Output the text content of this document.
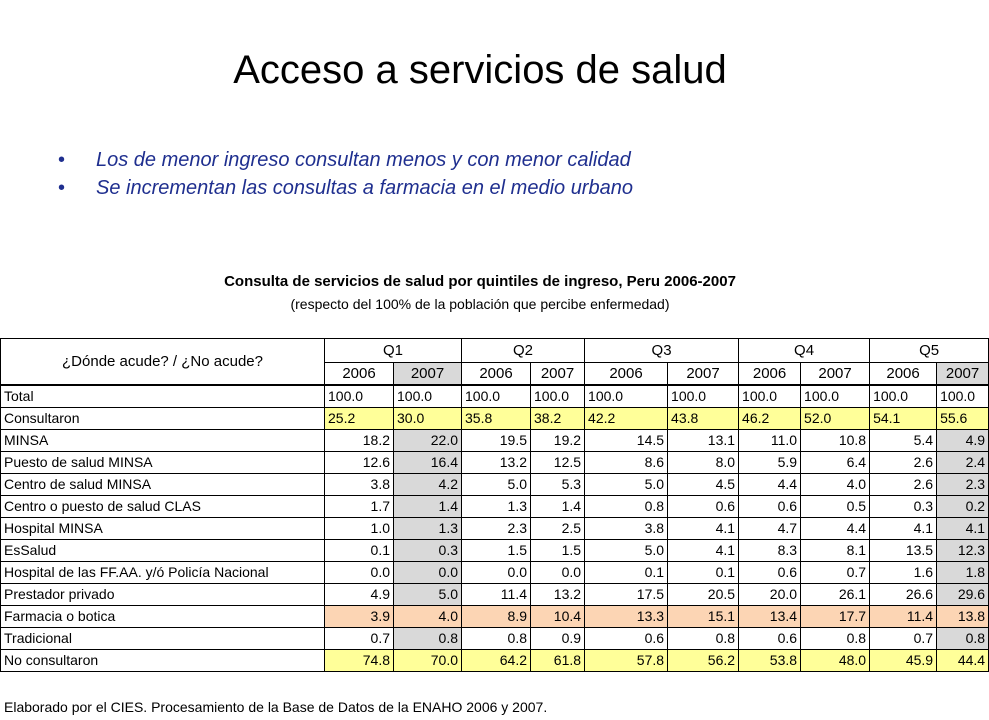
Acceso a servicios de salud
• Los de menor ingreso consultan menos y con menor calidad
• Se incrementan las consultas a farmacia en el medio urbano
Consulta de servicios de salud por quintiles de ingreso, Peru 2006-2007
(respecto del 100% de la población que percibe enfermedad)
¿Dónde acude? / ¿No acude?	Q1		Q2		Q3		Q4		Q5	
	2006	2007	2006	2007	2006	2007	2006	2007	2006	2007
Total	100.0	100.0	100.0	100.0	100.0	100.0	100.0	100.0	100.0	100.0
Consultaron	25.2	30.0	35.8	38.2	42.2	43.8	46.2	52.0	54.1	55.6
MINSA	18.2	22.0	19.5	19.2	14.5	13.1	11.0	10.8	5.4	4.9
Puesto de salud MINSA	12.6	16.4	13.2	12.5	8.6	8.0	5.9	6.4	2.6	2.4
Centro de salud MINSA	3.8	4.2	5.0	5.3	5.0	4.5	4.4	4.0	2.6	2.3
Centro o puesto de salud CLAS	1.7	1.4	1.3	1.4	0.8	0.6	0.6	0.5	0.3	0.2
Hospital MINSA	1.0	1.3	2.3	2.5	3.8	4.1	4.7	4.4	4.1	4.1
EsSalud	0.1	0.3	1.5	1.5	5.0	4.1	8.3	8.1	13.5	12.3
Hospital de las FF.AA. y/ó Policía Nacional	0.0	0.0	0.0	0.0	0.1	0.1	0.6	0.7	1.6	1.8
Prestador privado	4.9	5.0	11.4	13.2	17.5	20.5	20.0	26.1	26.6	29.6
Farmacia o botica	3.9	4.0	8.9	10.4	13.3	15.1	13.4	17.7	11.4	13.8
Tradicional	0.7	0.8	0.8	0.9	0.6	0.8	0.6	0.8	0.7	0.8
No consultaron	74.8	70.0	64.2	61.8	57.8	56.2	53.8	48.0	45.9	44.4
Elaborado por el CIES. Procesamiento de la Base de Datos de la ENAHO 2006 y 2007.
